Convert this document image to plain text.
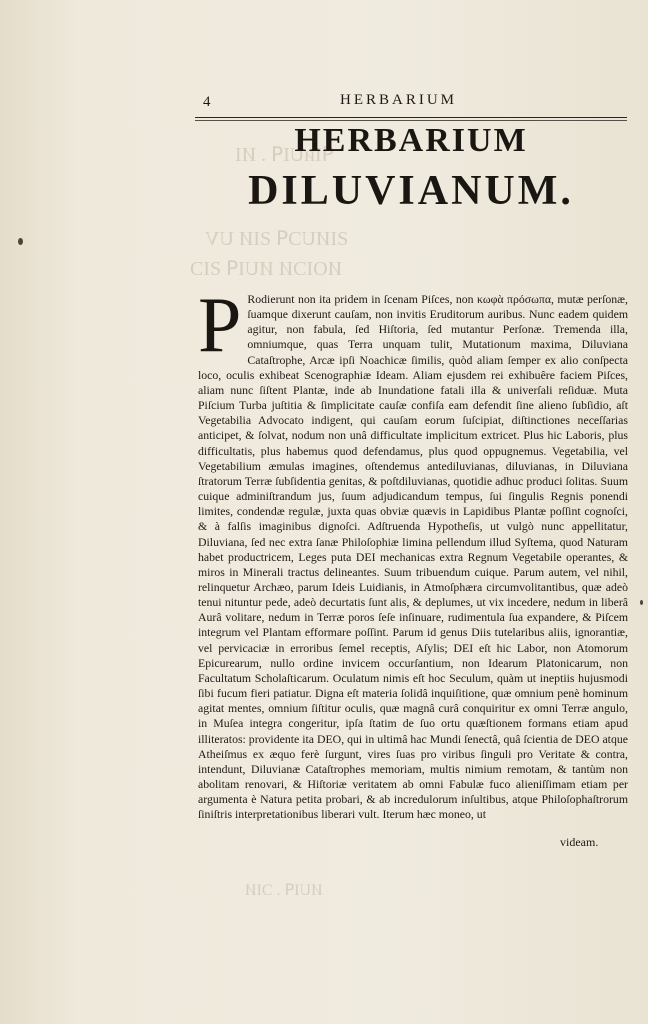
ꟼIᴎUIꟼ . ИI
ƧIИUƆꟼ ƧIИ UV
ИOIƆИ ИUIꟼ ƧIƆ
ИUIꟼ . ƆIИ
4	HERBARIUM
HERBARIUM
DILUVIANUM.
P Rodierunt non ita pridem in ſcenam Piſces, non κωφὰ πρόσωπα, mutæ perſonæ, ſuamque dixerunt cauſam, non invitis Eruditorum auribus. Nunc eadem quidem agitur, non fabula, ſed Hiſtoria, ſed mutantur Perſonæ. Tremenda illa, omniumque, quas Terra unquam tulit, Mutationum maxima, Diluviana Cataſtrophe, Arcæ ipſi Noachicæ ſimilis, quòd aliam ſemper ex alio conſpecta loco, oculis exhibeat Scenographiæ Ideam. Aliam ejusdem rei exhibuêre faciem Piſces, aliam nunc ſiſtent Plantæ, inde ab Inundatione fatali illa & univerſali reſiduæ. Muta Piſcium Turba juſtitia & ſimplicitate cauſæ confiſa eam defendit ſine alieno ſubſidio, aſt Vegetabilia Advocato indigent, qui cauſam eorum ſuſcipiat, diſtinctiones neceſſarias anticipet, & ſolvat, nodum non unâ difficultate implicitum extricet. Plus hic Laboris, plus difficultatis, plus habemus quod defendamus, plus quod oppugnemus. Vegetabilia, vel Vegetabilium æmulas imagines, oſtendemus antediluvianas, diluvianas, in Diluviana ſtratorum Terræ ſubſidentia genitas, & poſtdiluvianas, quotidie adhuc produci ſolitas. Suum cuique adminiſtrandum jus, ſuum adjudicandum tempus, ſui ſingulis Regnis ponendi limites, condendæ regulæ, juxta quas obviæ quævis in Lapidibus Plantæ poſſint cognoſci, & à falſis imaginibus dignoſci. Adſtruenda Hypotheſis, ut vulgò nunc appellitatur, Diluviana, ſed nec extra ſanæ Philoſophiæ limina pellendum illud Syſtema, quod Naturam habet productricem, Leges puta DEI mechanicas extra Regnum Vegetabile operantes, & miros in Minerali tractus delineantes. Suum tribuendum cuique. Parum autem, vel nihil, relinquetur Archæo, parum Ideis Luidianis, in Atmoſphæra circumvolitantibus, quæ adeò tenui nituntur pede, adeò decurtatis ſunt alis, & deplumes, ut vix incedere, nedum in liberâ Aurâ volitare, nedum in Terræ poros ſeſe inſinuare, rudimentula ſua expandere, & Piſcem integrum vel Plantam efformare poſſint. Parum id genus Diis tutelaribus aliis, ignorantiæ, vel pervicaciæ in erroribus ſemel receptis, Aſylis; DEI eſt hic Labor, non Atomorum Epicurearum, nullo ordine invicem occurſantium, non Idearum Platonicarum, non Facultatum Scholaſticarum. Oculatum nimis eſt hoc Seculum, quàm ut ineptiis hujusmodi ſibi fucum fieri patiatur. Digna eſt materia ſolidâ inquiſitione, quæ omnium penè hominum agitat mentes, omnium ſiſtitur oculis, quæ magnâ curâ conquiritur ex omni Terræ angulo, in Muſea integra congeritur, ipſa ſtatim de ſuo ortu quæſtionem formans etiam apud illiteratos: providente ita DEO, qui in ultimâ hac Mundi ſenectâ, quâ ſcientia de DEO atque Atheiſmus ex æquo ferè ſurgunt, vires ſuas pro viribus ſinguli pro Veritate & contra, intendunt, Diluvianæ Cataſtrophes memoriam, multis nimium remotam, & tantùm non abolitam renovari, & Hiſtoriæ veritatem ab omni Fabulæ fuco alieniſſimam etiam per argumenta è Natura petita probari, & ab incredulorum inſultibus, atque Philoſophaſtrorum ſiniſtris interpretationibus liberari vult. Iterum hæc moneo, ut
videam.
